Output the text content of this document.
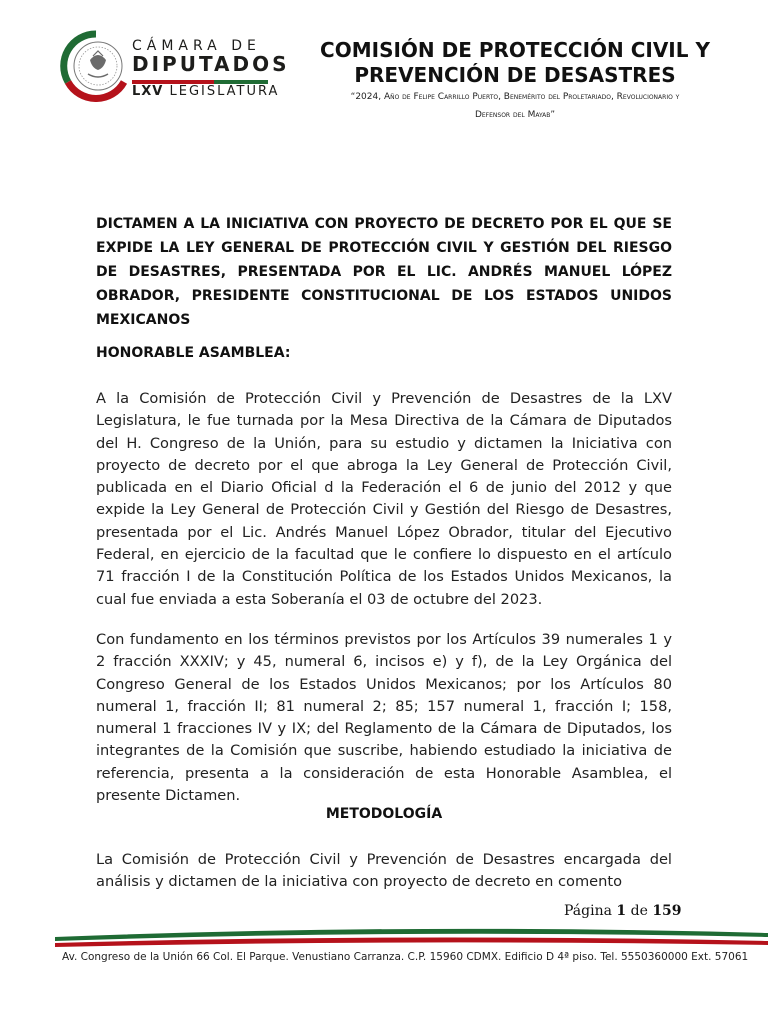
CÁMARA DE
DIPUTADOS
LXV LEGISLATURA
COMISIÓN DE PROTECCIÓN CIVIL Y
PREVENCIÓN DE DESASTRES
“2024, Año de Felipe Carrillo Puerto, Benemérito del Proletariado, Revolucionario y
Defensor del Mayab”
DICTAMEN A LA INICIATIVA CON PROYECTO DE DECRETO POR EL QUE SE EXPIDE LA LEY GENERAL DE PROTECCIÓN CIVIL Y GESTIÓN DEL RIESGO DE DESASTRES, PRESENTADA POR EL LIC. ANDRÉS MANUEL LÓPEZ OBRADOR, PRESIDENTE CONSTITUCIONAL DE LOS ESTADOS UNIDOS MEXICANOS
HONORABLE ASAMBLEA:
A la Comisión de Protección Civil y Prevención de Desastres de la LXV Legislatura, le fue turnada por la Mesa Directiva de la Cámara de Diputados del H. Congreso de la Unión, para su estudio y dictamen la Iniciativa con proyecto de decreto por el que abroga la Ley General de Protección Civil, publicada en el Diario Oficial d la Federación el 6 de junio del 2012 y que expide la Ley General de Protección Civil y Gestión del Riesgo de Desastres, presentada por el Lic. Andrés Manuel López Obrador, titular del Ejecutivo Federal, en ejercicio de la facultad que le confiere lo dispuesto en el artículo 71 fracción I de la Constitución Política de los Estados Unidos Mexicanos, la cual fue enviada a esta Soberanía el 03 de octubre del 2023.
Con fundamento en los términos previstos por los Artículos 39 numerales 1 y 2 fracción XXXIV; y 45, numeral 6, incisos e) y f), de la Ley Orgánica del Congreso General de los Estados Unidos Mexicanos; por los Artículos 80 numeral 1, fracción II; 81 numeral 2; 85; 157 numeral 1, fracción I; 158, numeral 1 fracciones IV y IX; del Reglamento de la Cámara de Diputados, los integrantes de la Comisión que suscribe, habiendo estudiado la iniciativa de referencia, presenta a la consideración de esta Honorable Asamblea, el presente Dictamen.
METODOLOGÍA
La Comisión de Protección Civil y Prevención de Desastres encargada del análisis y dictamen de la iniciativa con proyecto de decreto en comento
Página 1 de 159
Av. Congreso de la Unión 66 Col. El Parque. Venustiano Carranza. C.P. 15960 CDMX. Edificio D 4ª piso. Tel. 5550360000 Ext. 57061
